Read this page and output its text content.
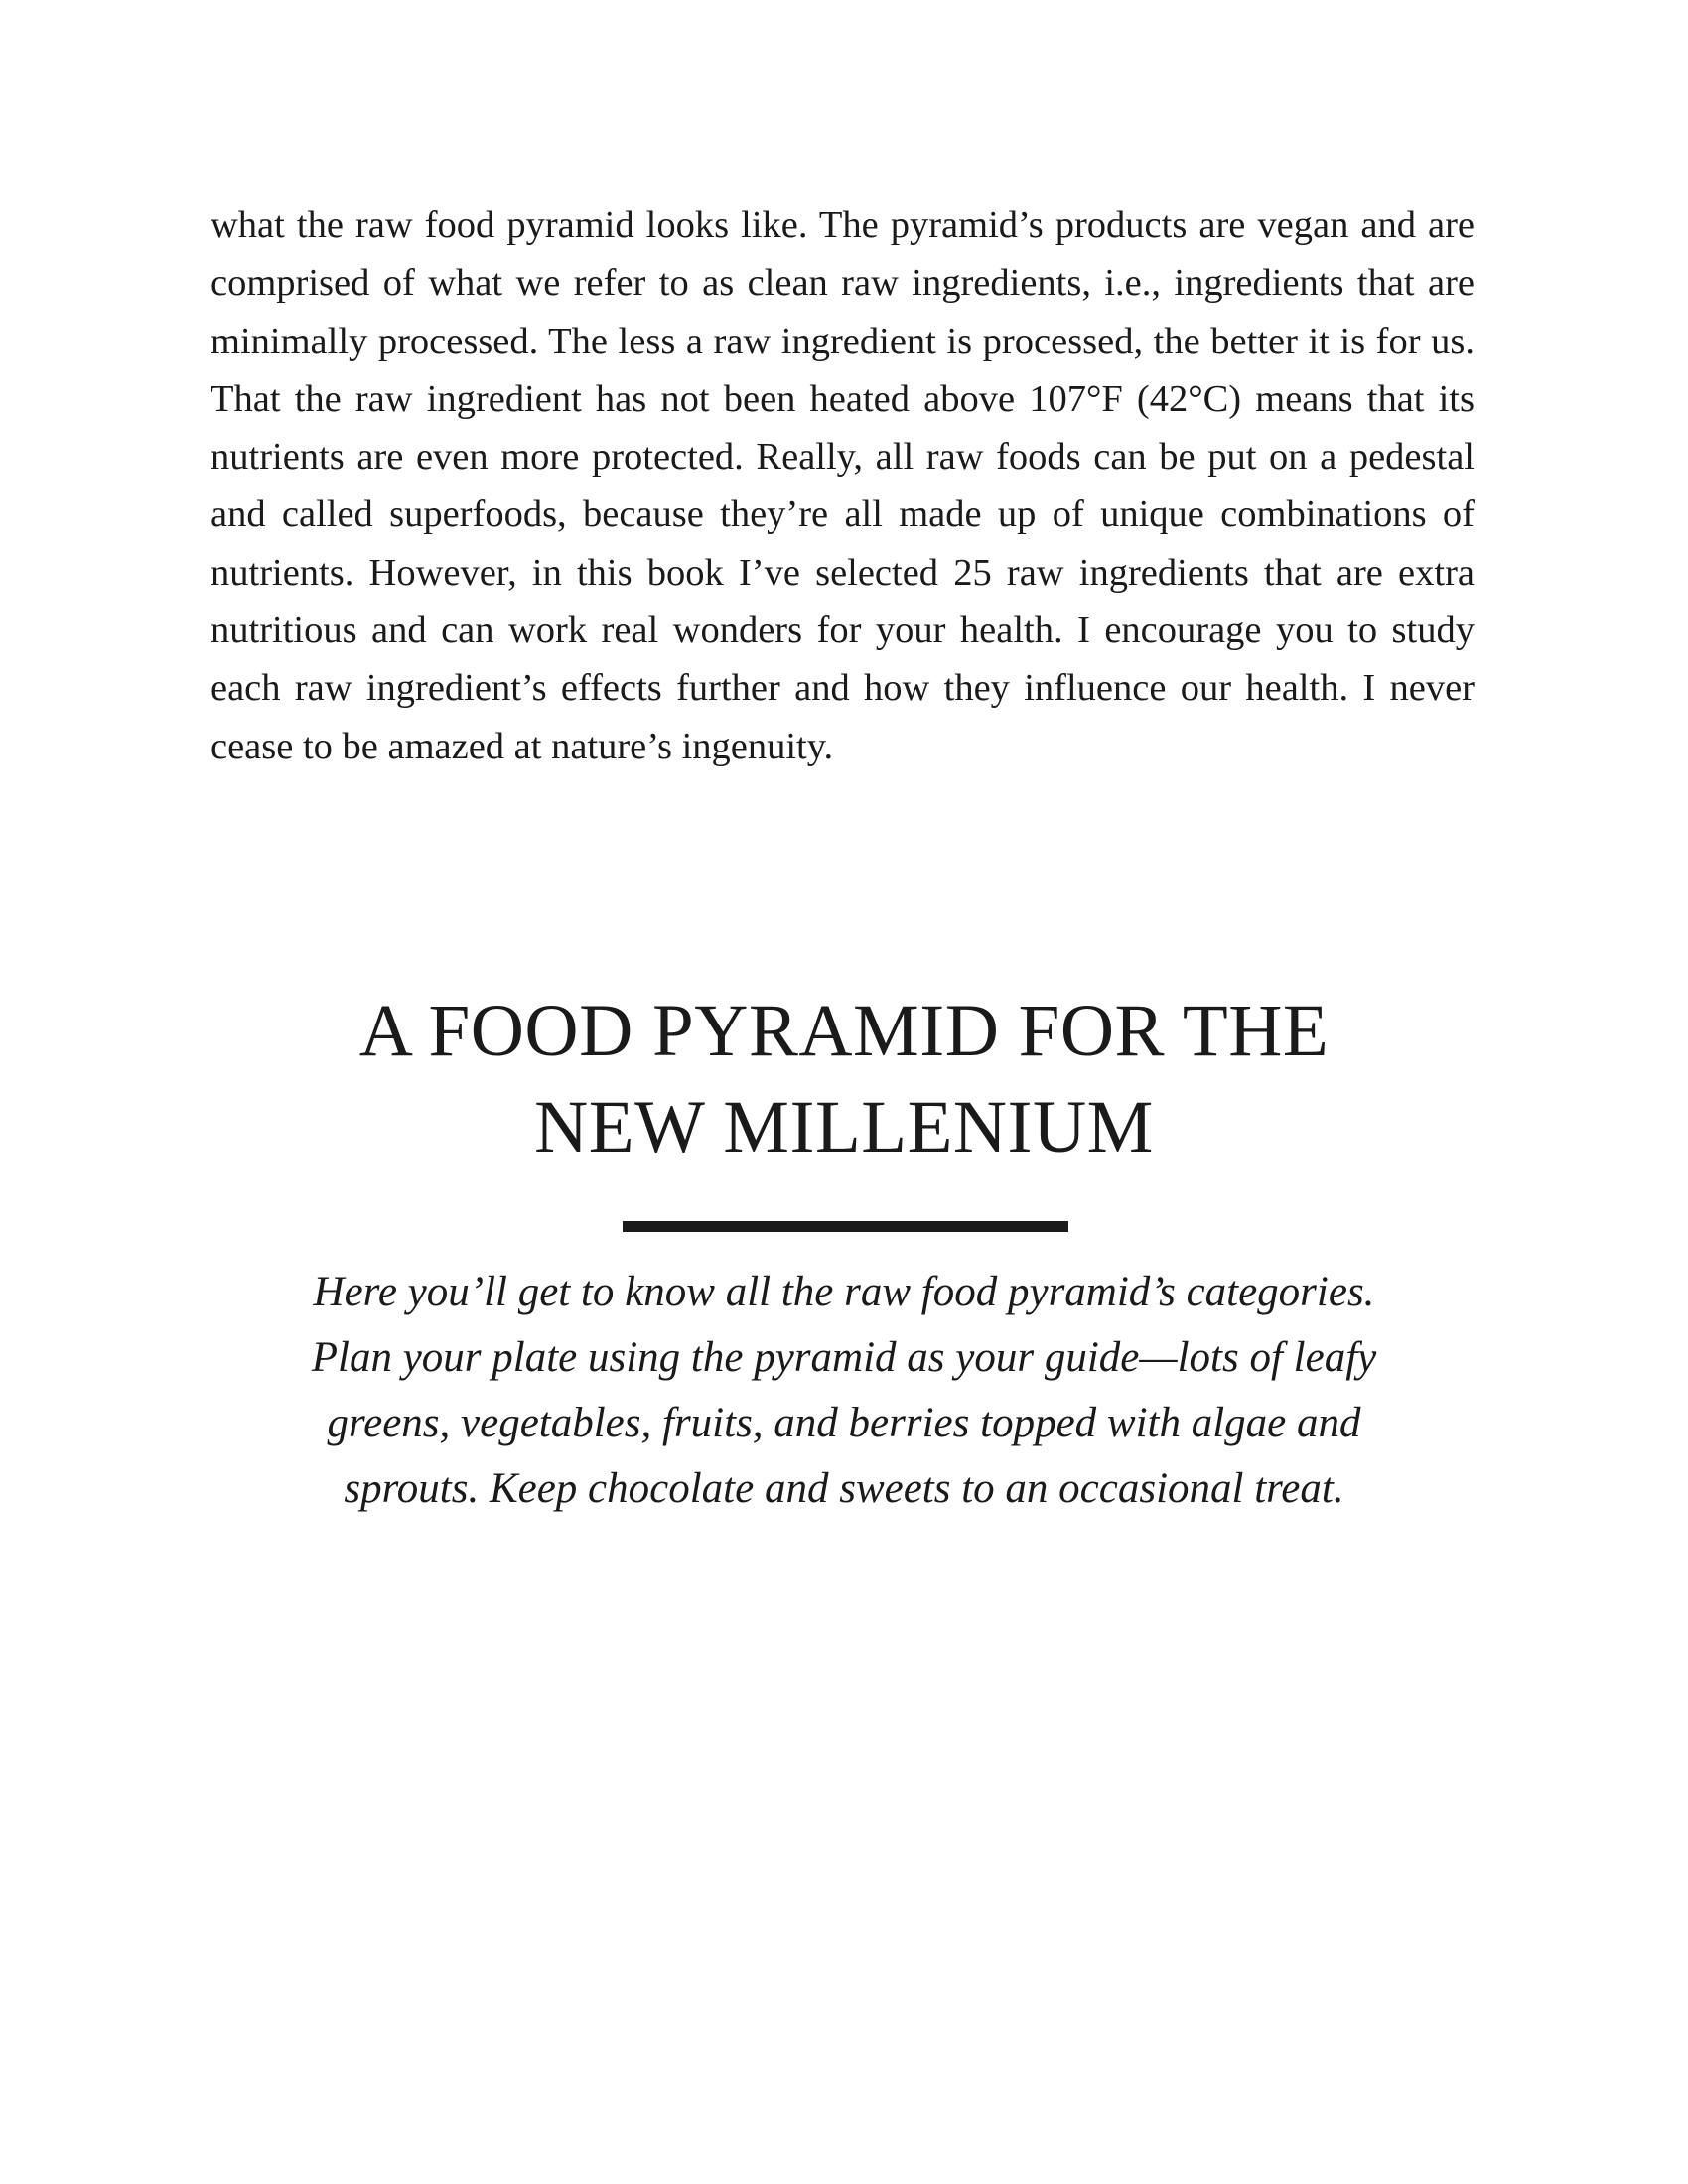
what the raw food pyramid looks like. The pyramid’s products are vegan and are comprised of what we refer to as clean raw ingredients, i.e., ingredients that are minimally processed. The less a raw ingredient is processed, the better it is for us. That the raw ingredient has not been heated above 107°F (42°C) means that its nutrients are even more protected. Really, all raw foods can be put on a pedestal and called superfoods, because they’re all made up of unique combinations of nutrients. However, in this book I’ve selected 25 raw ingredients that are extra nutritious and can work real wonders for your health. I encourage you to study each raw ingredient’s effects further and how they influence our health. I never cease to be amazed at nature’s ingenuity.

A FOOD PYRAMID FOR THE
NEW MILLENIUM

Here you’ll get to know all the raw food pyramid’s categories.
Plan your plate using the pyramid as your guide—lots of leafy
greens, vegetables, fruits, and berries topped with algae and
sprouts. Keep chocolate and sweets to an occasional treat.
